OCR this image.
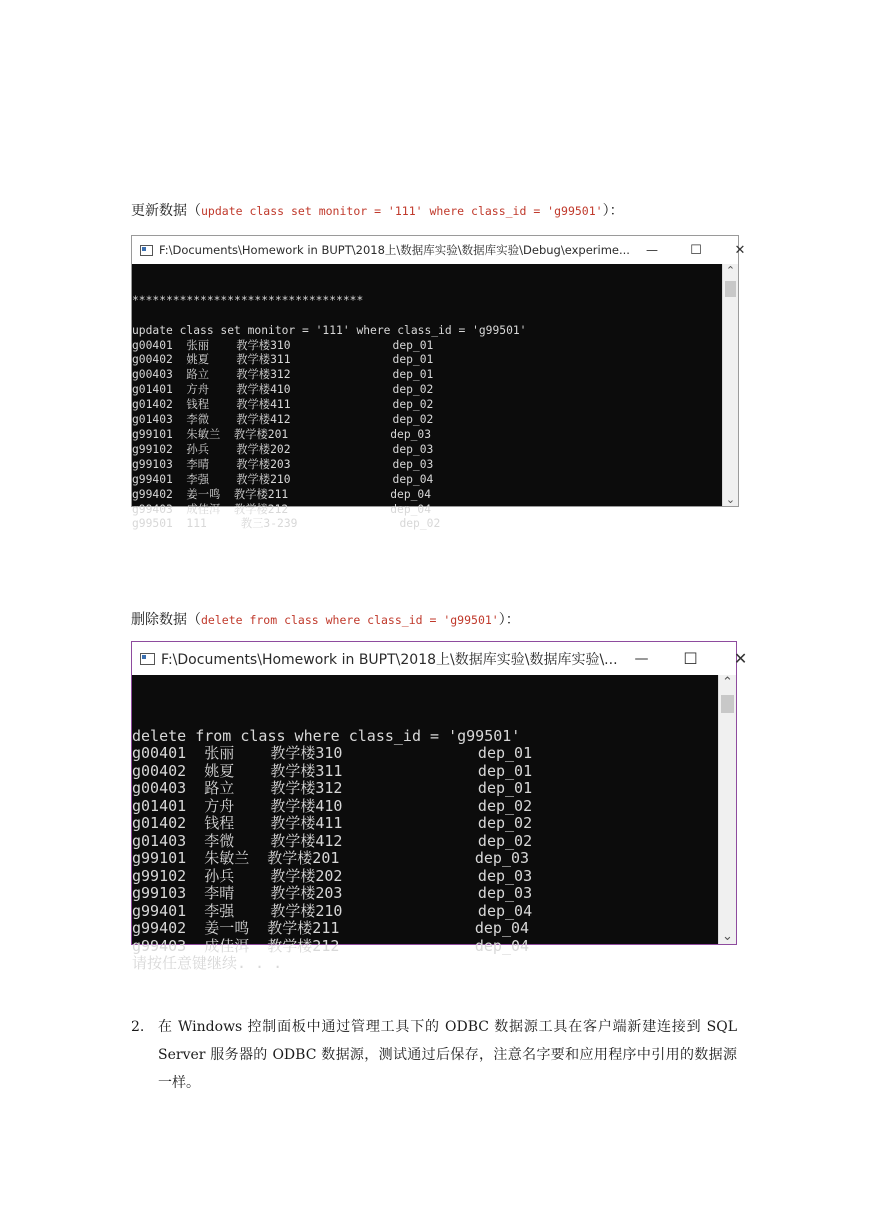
更新数据（update class set monitor = '111' where class_id = 'g99501'）：
F:\Documents\Homework in BUPT\2018上\数据库实验\数据库实验\Debug\experime...	—	☐	✕

**********************************

update class set monitor = '111' where class_id = 'g99501'
g00401  张丽    教学楼310               dep_01
g00402  姚夏    教学楼311               dep_01
g00403  路立    教学楼312               dep_01
g01401  方舟    教学楼410               dep_02
g01402  钱程    教学楼411               dep_02
g01403  李微    教学楼412               dep_02
g99101  朱敏兰  教学楼201               dep_03
g99102  孙兵    教学楼202               dep_03
g99103  李晴    教学楼203               dep_03
g99401  李强    教学楼210               dep_04
g99402  姜一鸣  教学楼211               dep_04
g99403  成佳洱  教学楼212               dep_04
g99501  111     教三3-239               dep_02

⌃
⌄
删除数据（delete from class where class_id = 'g99501'）：
F:\Documents\Homework in BUPT\2018上\数据库实验\数据库实验\...	—	☐	✕

delete from class where class_id = 'g99501'
g00401  张丽    教学楼310               dep_01
g00402  姚夏    教学楼311               dep_01
g00403  路立    教学楼312               dep_01
g01401  方舟    教学楼410               dep_02
g01402  钱程    教学楼411               dep_02
g01403  李微    教学楼412               dep_02
g99101  朱敏兰  教学楼201               dep_03
g99102  孙兵    教学楼202               dep_03
g99103  李晴    教学楼203               dep_03
g99401  李强    教学楼210               dep_04
g99402  姜一鸣  教学楼211               dep_04
g99403  成佳洱  教学楼212               dep_04
请按任意键继续. . .

⌃
⌄
2. 在 Windows 控制面板中通过管理工具下的 ODBC 数据源工具在客户端新建连接到 SQL Server 服务器的 ODBC 数据源，测试通过后保存，注意名字要和应用程序中引用的数据源一样。
